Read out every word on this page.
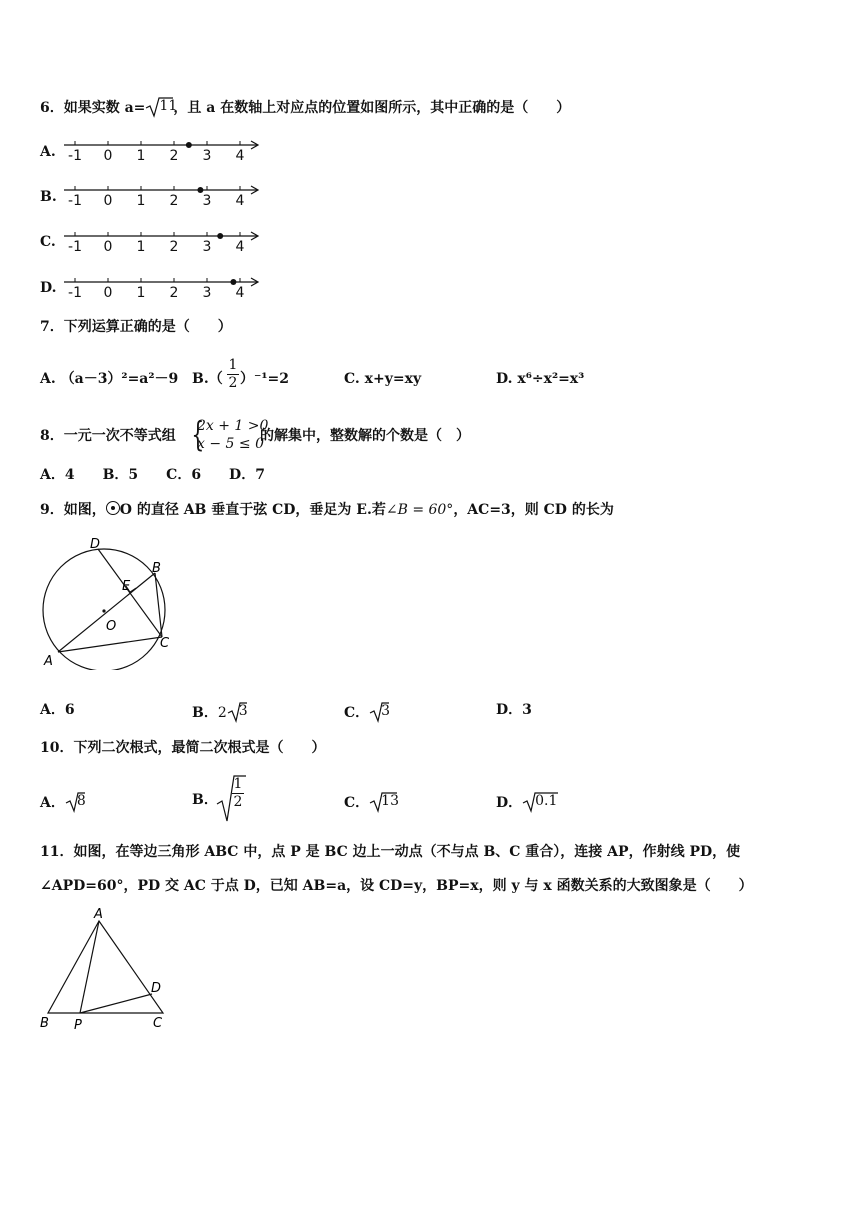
6．如果实数 a= 11
，且 a 在数轴上对应点的位置如图所示，其中正确的是（　　）
A. -1 0 1 2 3 4
B. -1 0 1 2 3 4
C. -1 0 1 2 3 4
D. -1 0 1 2 3 4
7．下列运算正确的是（　　）
A. （a－3）²=a²－9 B.（
1
2 ）⁻¹=2	C. x+y=xy	D. x⁶÷x²=x³
8．一元一次不等式组 {
2x + 1 >0
x − 5 ≤ 0
的解集中，整数解的个数是（　）
A．4　　B．5　　C．6　　D．7
9．如图， O 的直径 AB 垂直于弦 CD，垂足为 E.若∠B = 60°，AC=3，则 CD 的长为
D
B
E
O
A
C
A．6	B．2 3	C． 3	D．3
10．下列二次根式，最简二次根式是（　　）
A． 8	B．
1
2	C． 13	D． 0.1
11．如图，在等边三角形 ABC 中，点 P 是 BC 边上一动点（不与点 B、C 重合），连接 AP，作射线 PD，使
∠APD=60°，PD 交 AC 于点 D，已知 AB=a，设 CD=y，BP=x，则 y 与 x 函数关系的大致图象是（　　）
A
B P	C
D
